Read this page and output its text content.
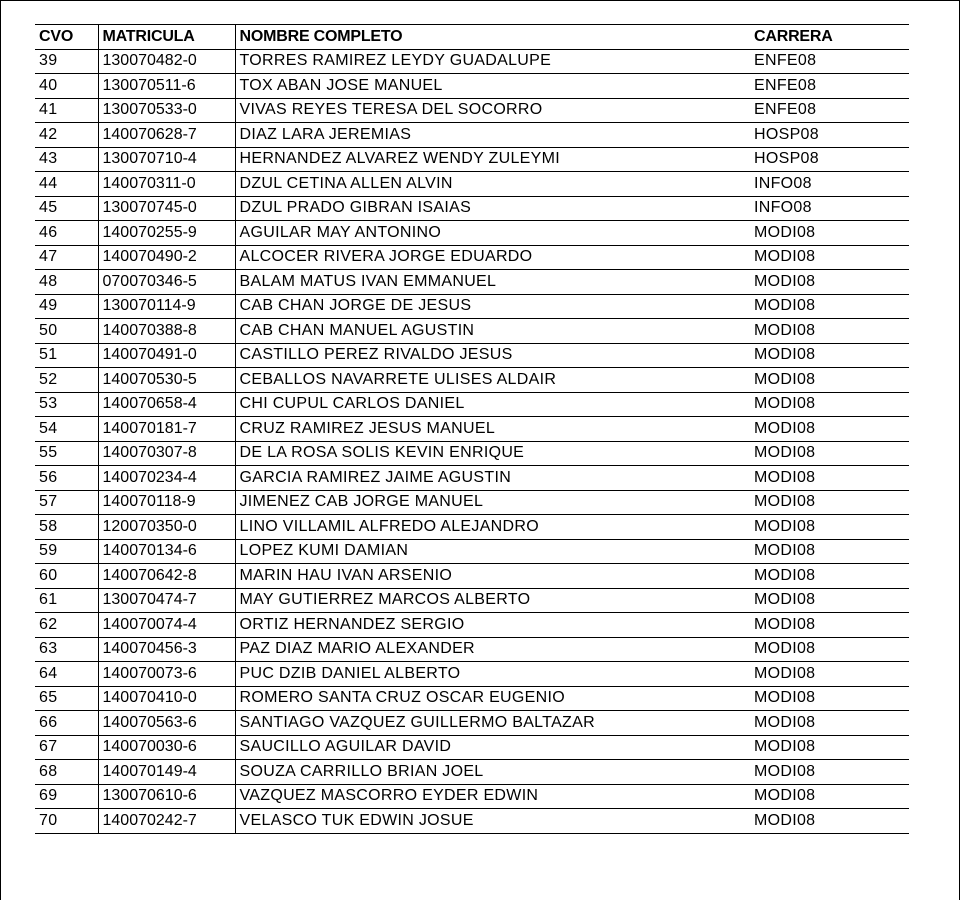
CVO	MATRICULA	NOMBRE COMPLETO	CARRERA
39	130070482-0	TORRES RAMIREZ LEYDY GUADALUPE	ENFE08
40	130070511-6	TOX ABAN JOSE MANUEL	ENFE08
41	130070533-0	VIVAS REYES TERESA DEL SOCORRO	ENFE08
42	140070628-7	DIAZ LARA JEREMIAS	HOSP08
43	130070710-4	HERNANDEZ ALVAREZ WENDY ZULEYMI	HOSP08
44	140070311-0	DZUL CETINA ALLEN ALVIN	INFO08
45	130070745-0	DZUL PRADO GIBRAN ISAIAS	INFO08
46	140070255-9	AGUILAR MAY ANTONINO	MODI08
47	140070490-2	ALCOCER RIVERA JORGE EDUARDO	MODI08
48	070070346-5	BALAM MATUS IVAN EMMANUEL	MODI08
49	130070114-9	CAB CHAN JORGE DE JESUS	MODI08
50	140070388-8	CAB CHAN MANUEL AGUSTIN	MODI08
51	140070491-0	CASTILLO PEREZ RIVALDO JESUS	MODI08
52	140070530-5	CEBALLOS NAVARRETE ULISES ALDAIR	MODI08
53	140070658-4	CHI CUPUL CARLOS DANIEL	MODI08
54	140070181-7	CRUZ RAMIREZ JESUS MANUEL	MODI08
55	140070307-8	DE LA ROSA SOLIS KEVIN ENRIQUE	MODI08
56	140070234-4	GARCIA RAMIREZ JAIME AGUSTIN	MODI08
57	140070118-9	JIMENEZ CAB JORGE MANUEL	MODI08
58	120070350-0	LINO VILLAMIL ALFREDO ALEJANDRO	MODI08
59	140070134-6	LOPEZ KUMI DAMIAN	MODI08
60	140070642-8	MARIN HAU IVAN ARSENIO	MODI08
61	130070474-7	MAY GUTIERREZ MARCOS ALBERTO	MODI08
62	140070074-4	ORTIZ HERNANDEZ SERGIO	MODI08
63	140070456-3	PAZ DIAZ MARIO ALEXANDER	MODI08
64	140070073-6	PUC DZIB DANIEL ALBERTO	MODI08
65	140070410-0	ROMERO SANTA CRUZ OSCAR EUGENIO	MODI08
66	140070563-6	SANTIAGO VAZQUEZ GUILLERMO BALTAZAR	MODI08
67	140070030-6	SAUCILLO AGUILAR DAVID	MODI08
68	140070149-4	SOUZA CARRILLO BRIAN JOEL	MODI08
69	130070610-6	VAZQUEZ MASCORRO EYDER EDWIN	MODI08
70	140070242-7	VELASCO TUK EDWIN JOSUE	MODI08
